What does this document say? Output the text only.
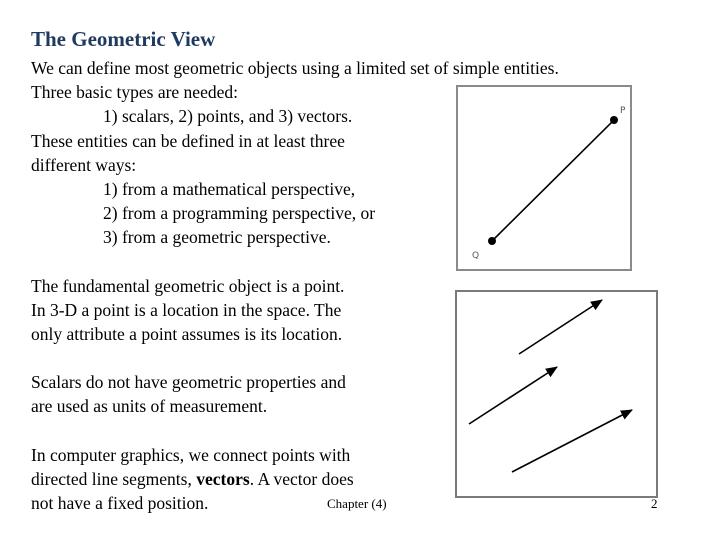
The Geometric View

We can define most geometric objects using a limited set of simple entities.

Three basic types are needed:

1) scalars, 2) points, and 3) vectors.

These entities can be defined in at least three

different ways:

1) from a mathematical perspective,

2) from a programming perspective, or

3) from a geometric perspective.

The fundamental geometric object is a point.

In 3-D a point is a location in the space. The

only attribute a point assumes is its location.

Scalars do not have geometric properties and

are used as units of measurement.

In computer graphics, we connect points with

directed line segments, vectors. A vector does

not have a fixed position.

P
Q
Chapter (4)	2
